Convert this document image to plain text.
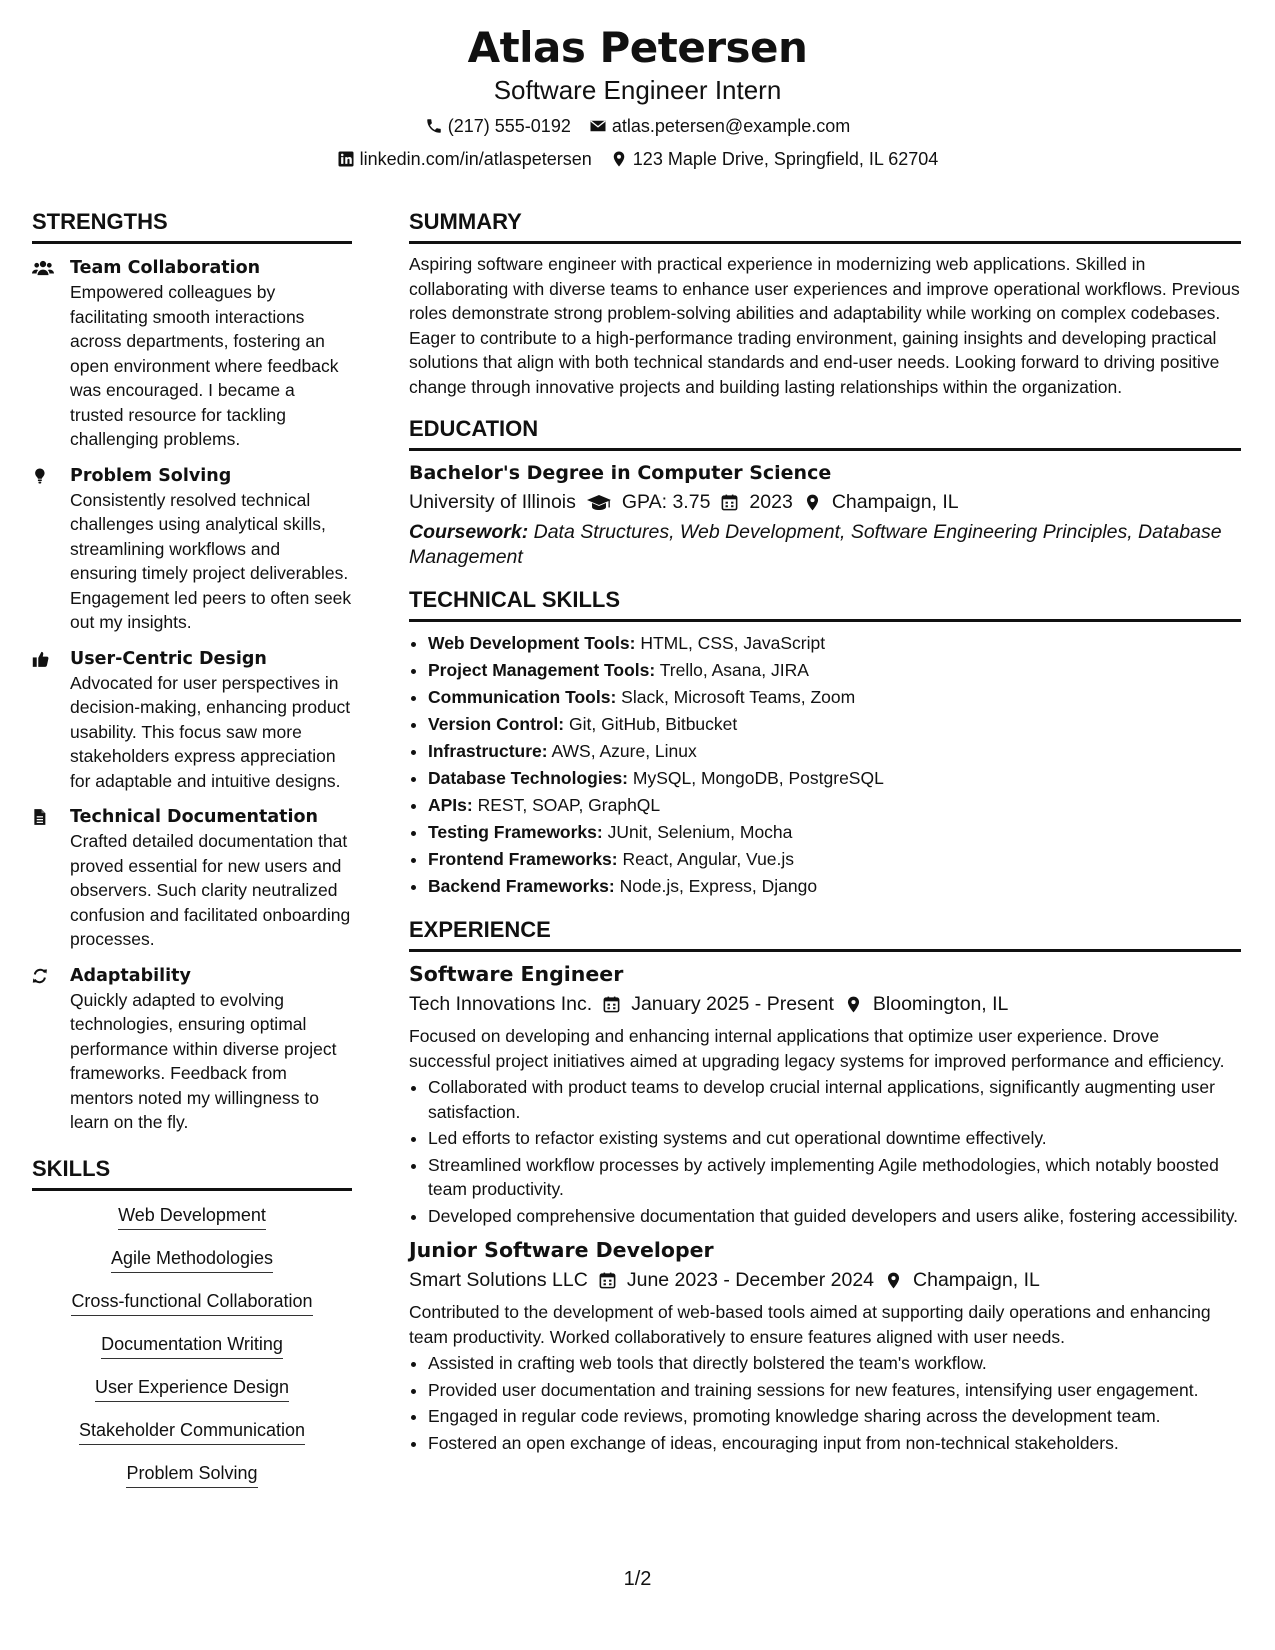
Atlas Petersen
Software Engineer Intern
(217) 555-0192 atlas.petersen@example.com
linkedin.com/in/atlaspetersen 123 Maple Drive, Springfield, IL 62704
STRENGTHS
Team Collaboration
Empowered colleagues by facilitating smooth interactions across departments, fostering an open environment where feedback was encouraged. I became a trusted resource for tackling challenging problems.
Problem Solving
Consistently resolved technical challenges using analytical skills, streamlining workflows and ensuring timely project deliverables. Engagement led peers to often seek out my insights.
User-Centric Design
Advocated for user perspectives in decision-making, enhancing product usability. This focus saw more stakeholders express appreciation for adaptable and intuitive designs.
Technical Documentation
Crafted detailed documentation that proved essential for new users and observers. Such clarity neutralized confusion and facilitated onboarding processes.
Adaptability
Quickly adapted to evolving technologies, ensuring optimal performance within diverse project frameworks. Feedback from mentors noted my willingness to learn on the fly.
SKILLS
Web Development
Agile Methodologies
Cross-functional Collaboration
Documentation Writing
User Experience Design
Stakeholder Communication
Problem Solving
SUMMARY
Aspiring software engineer with practical experience in modernizing web applications. Skilled in collaborating with diverse teams to enhance user experiences and improve operational workflows. Previous roles demonstrate strong problem-solving abilities and adaptability while working on complex codebases. Eager to contribute to a high-performance trading environment, gaining insights and developing practical solutions that align with both technical standards and end-user needs. Looking forward to driving positive change through innovative projects and building lasting relationships within the organization.
EDUCATION
Bachelor's Degree in Computer Science
University of Illinois GPA: 3.75 2023 Champaign, IL
Coursework: Data Structures, Web Development, Software Engineering Principles, Database Management
TECHNICAL SKILLS
• Web Development Tools: HTML, CSS, JavaScript
• Project Management Tools: Trello, Asana, JIRA
• Communication Tools: Slack, Microsoft Teams, Zoom
• Version Control: Git, GitHub, Bitbucket
• Infrastructure: AWS, Azure, Linux
• Database Technologies: MySQL, MongoDB, PostgreSQL
• APIs: REST, SOAP, GraphQL
• Testing Frameworks: JUnit, Selenium, Mocha
• Frontend Frameworks: React, Angular, Vue.js
• Backend Frameworks: Node.js, Express, Django
EXPERIENCE
Software Engineer
Tech Innovations Inc. January 2025 - Present Bloomington, IL
Focused on developing and enhancing internal applications that optimize user experience. Drove successful project initiatives aimed at upgrading legacy systems for improved performance and efficiency.
• Collaborated with product teams to develop crucial internal applications, significantly augmenting user satisfaction.
• Led efforts to refactor existing systems and cut operational downtime effectively.
• Streamlined workflow processes by actively implementing Agile methodologies, which notably boosted team productivity.
• Developed comprehensive documentation that guided developers and users alike, fostering accessibility.
Junior Software Developer
Smart Solutions LLC June 2023 - December 2024 Champaign, IL
Contributed to the development of web-based tools aimed at supporting daily operations and enhancing team productivity. Worked collaboratively to ensure features aligned with user needs.
• Assisted in crafting web tools that directly bolstered the team's workflow.
• Provided user documentation and training sessions for new features, intensifying user engagement.
• Engaged in regular code reviews, promoting knowledge sharing across the development team.
• Fostered an open exchange of ideas, encouraging input from non-technical stakeholders.
1/2
